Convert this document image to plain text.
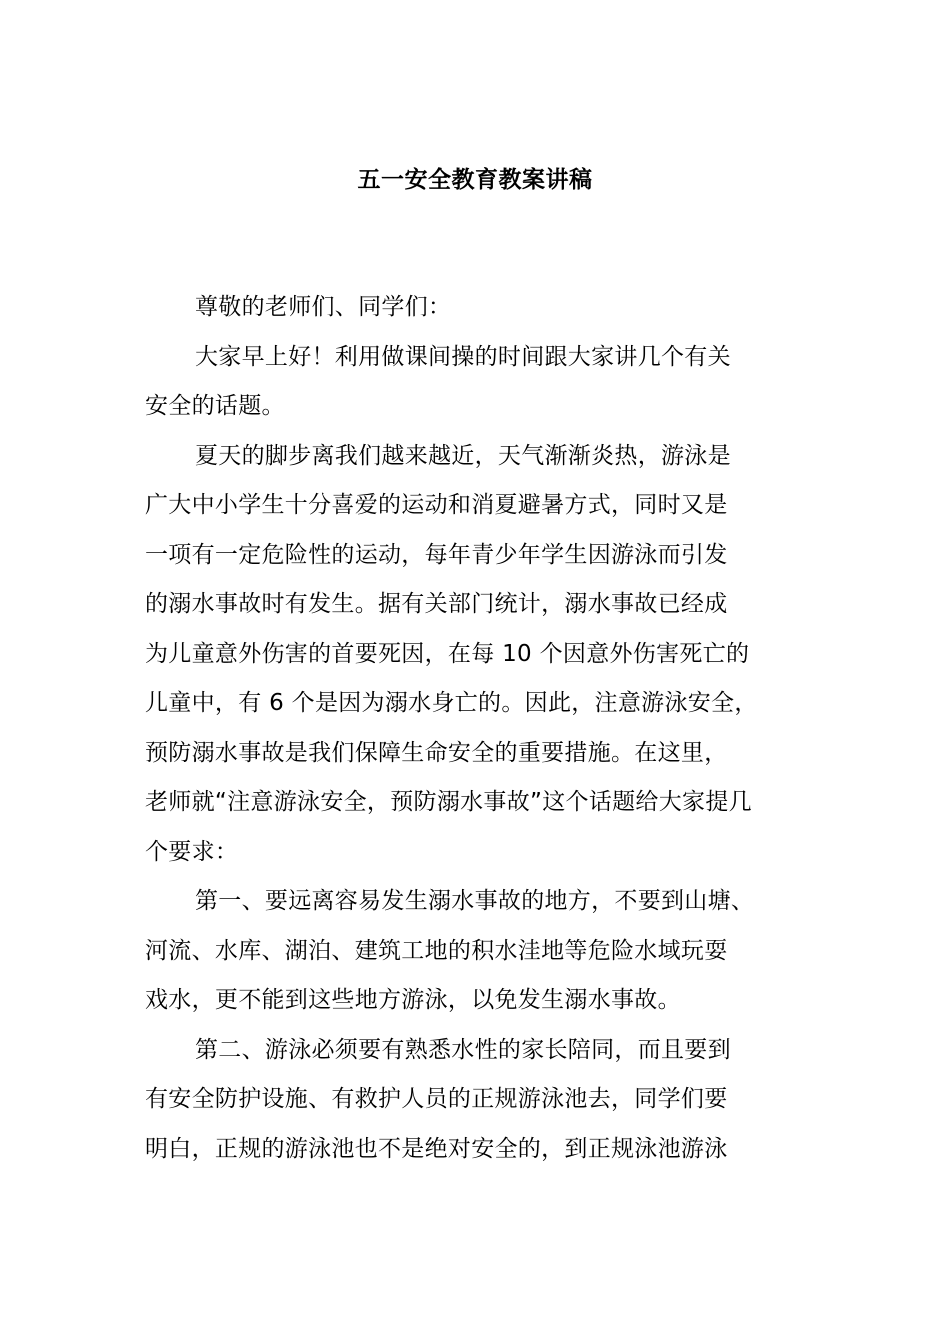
五一安全教育教案讲稿

尊敬的老师们、同学们：

大家早上好！利用做课间操的时间跟大家讲几个有关
安全的话题。

夏天的脚步离我们越来越近，天气渐渐炎热，游泳是
广大中小学生十分喜爱的运动和消夏避暑方式，同时又是
一项有一定危险性的运动，每年青少年学生因游泳而引发
的溺水事故时有发生。据有关部门统计，溺水事故已经成
为儿童意外伤害的首要死因，在每 10 个因意外伤害死亡的
儿童中，有 6 个是因为溺水身亡的。因此，注意游泳安全，
预防溺水事故是我们保障生命安全的重要措施。在这里，
老师就“注意游泳安全，预防溺水事故”这个话题给大家提几
个要求：

第一、要远离容易发生溺水事故的地方，不要到山塘、
河流、水库、湖泊、建筑工地的积水洼地等危险水域玩耍
戏水，更不能到这些地方游泳，以免发生溺水事故。

第二、游泳必须要有熟悉水性的家长陪同，而且要到
有安全防护设施、有救护人员的正规游泳池去，同学们要
明白，正规的游泳池也不是绝对安全的，到正规泳池游泳
